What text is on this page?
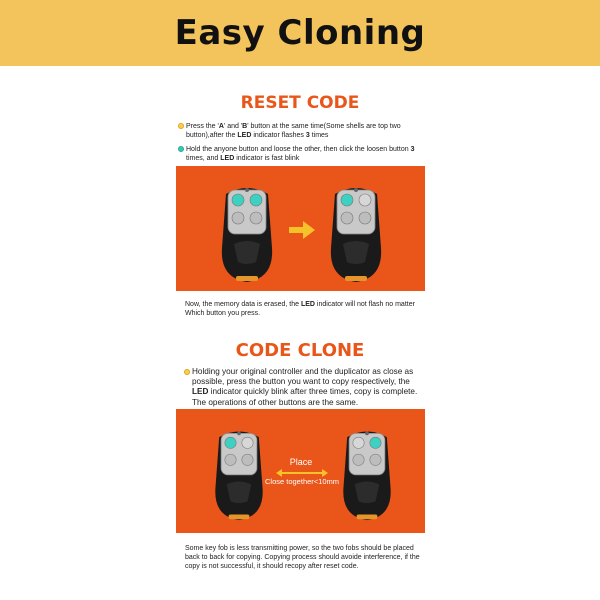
Easy Cloning
RESET CODE
Press the 'A' and 'B' button at the same time(Some shells are top two button),after the LED indicator flashes 3 times
Hold the anyone button and loose the other, then click the loosen button 3 times, and LED indicator is fast blink
Now, the memory data is erased, the LED indicator will not flash no matter Which button you press.
CODE CLONE
Holding your original controller and the duplicator as close as possible, press the button you want to copy respectively, the LED indicator quickly blink after three times, copy is complete. The operations of other buttons are the same.
Place
Close together<10mm
Some key fob is less transmitting power, so the two fobs should be placed back to back for copying. Copying process should avoide interference, if the copy is not successful, it should recopy after reset code.
